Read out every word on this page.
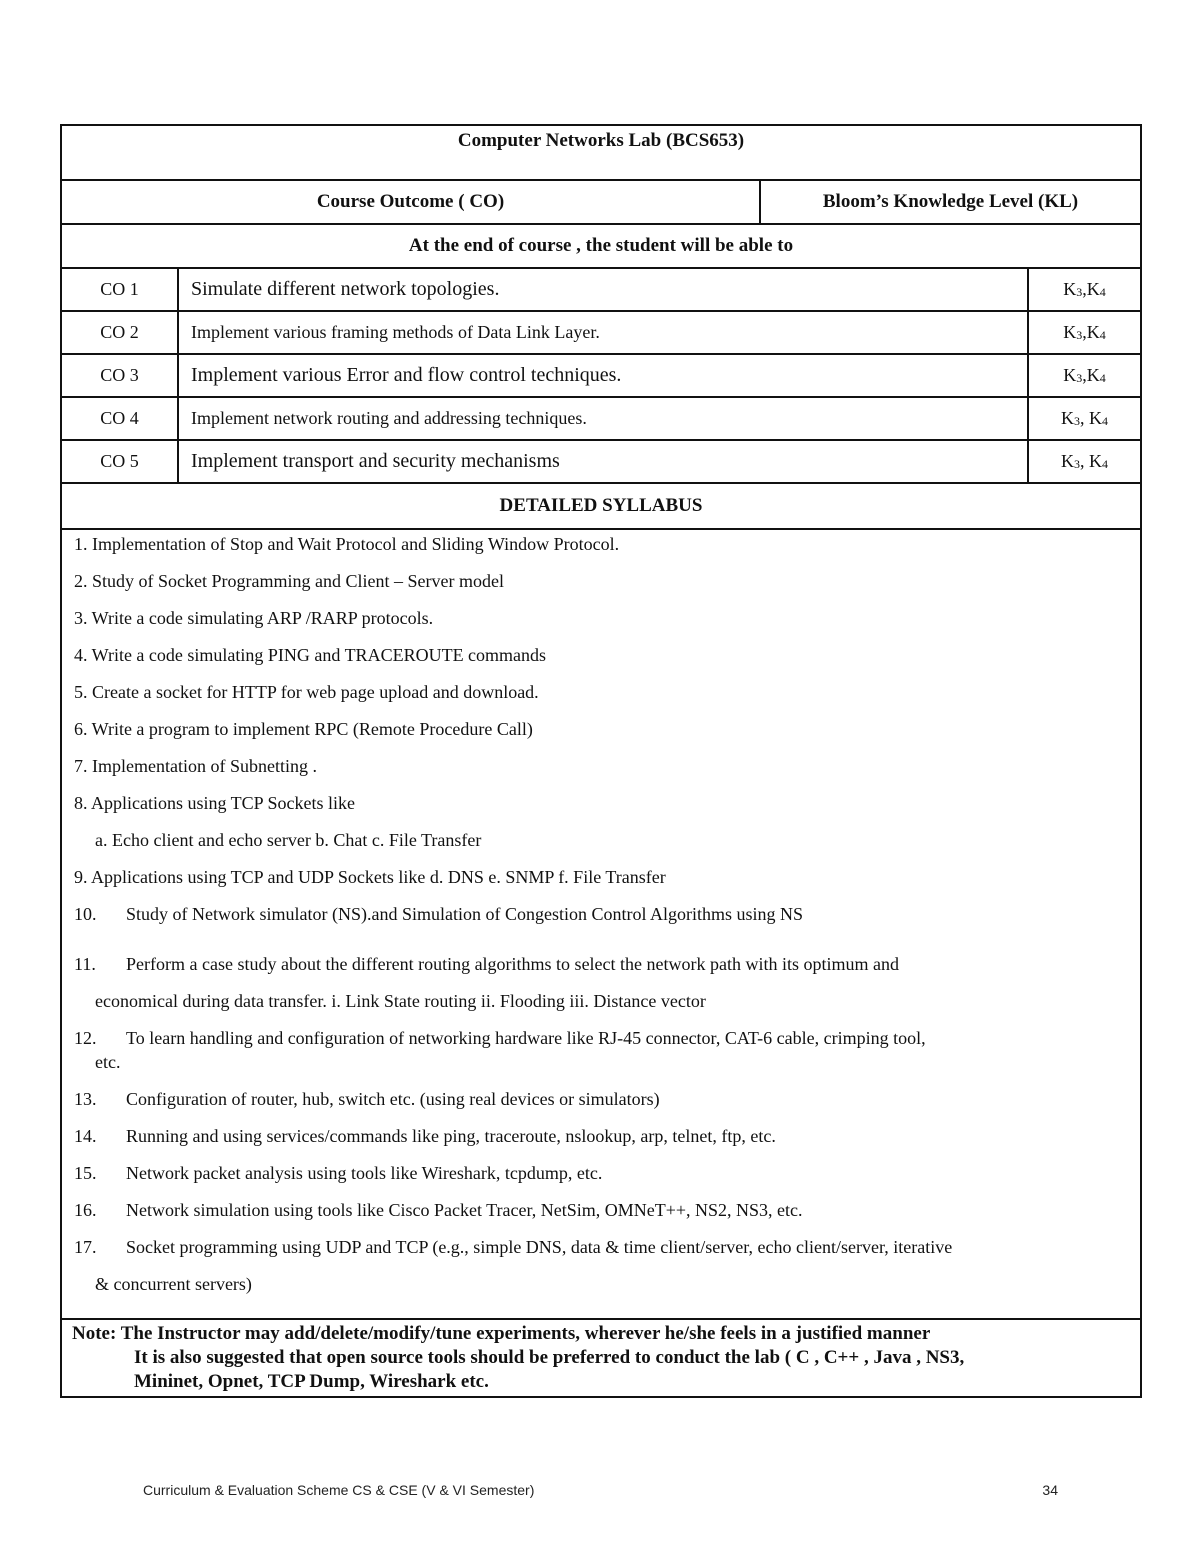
Computer Networks Lab (BCS653)
Course Outcome ( CO)	Bloom’s Knowledge Level (KL)
At the end of course , the student will be able to
CO 1	Simulate different network topologies.	K 3 , K 4
CO 2	Implement various framing methods of Data Link Layer.	K 3 , K 4
CO 3	Implement various Error and flow control techniques.	K 3 , K 4
CO 4	Implement network routing and addressing techniques.	K 3 , K 4
CO 5	Implement transport and security mechanisms	K 3 , K 4
DETAILED SYLLABUS
1. Implementation of Stop and Wait Protocol and Sliding Window Protocol.
2. Study of Socket Programming and Client – Server model
3. Write a code simulating ARP /RARP protocols.
4. Write a code simulating PING and TRACEROUTE commands
5. Create a socket for HTTP for web page upload and download.
6. Write a program to implement RPC (Remote Procedure Call)
7. Implementation of Subnetting .
8. Applications using TCP Sockets like
a. Echo client and echo server b. Chat c. File Transfer
9. Applications using TCP and UDP Sockets like d. DNS e. SNMP f. File Transfer
10.	Study of Network simulator (NS).and Simulation of Congestion Control Algorithms using NS
11.	Perform a case study about the different routing algorithms to select the network path with its optimum and
economical during data transfer. i. Link State routing ii. Flooding iii. Distance vector
12.	To learn handling and configuration of networking hardware like RJ-45 connector, CAT-6 cable, crimping tool,
etc.
13.	Configuration of router, hub, switch etc. (using real devices or simulators)
14.	Running and using services/commands like ping, traceroute, nslookup, arp, telnet, ftp, etc.
15.	Network packet analysis using tools like Wireshark, tcpdump, etc.
16.	Network simulation using tools like Cisco Packet Tracer, NetSim, OMNeT++, NS2, NS3, etc.
17.	Socket programming using UDP and TCP (e.g., simple DNS, data & time client/server, echo client/server, iterative
& concurrent servers)
Note: The Instructor may add/delete/modify/tune experiments, wherever he/she feels in a justified manner
It is also suggested that open source tools should be preferred to conduct the lab ( C , C++ , Java , NS3,
Mininet, Opnet, TCP Dump, Wireshark etc.
Curriculum & Evaluation Scheme CS & CSE (V & VI Semester)	34
